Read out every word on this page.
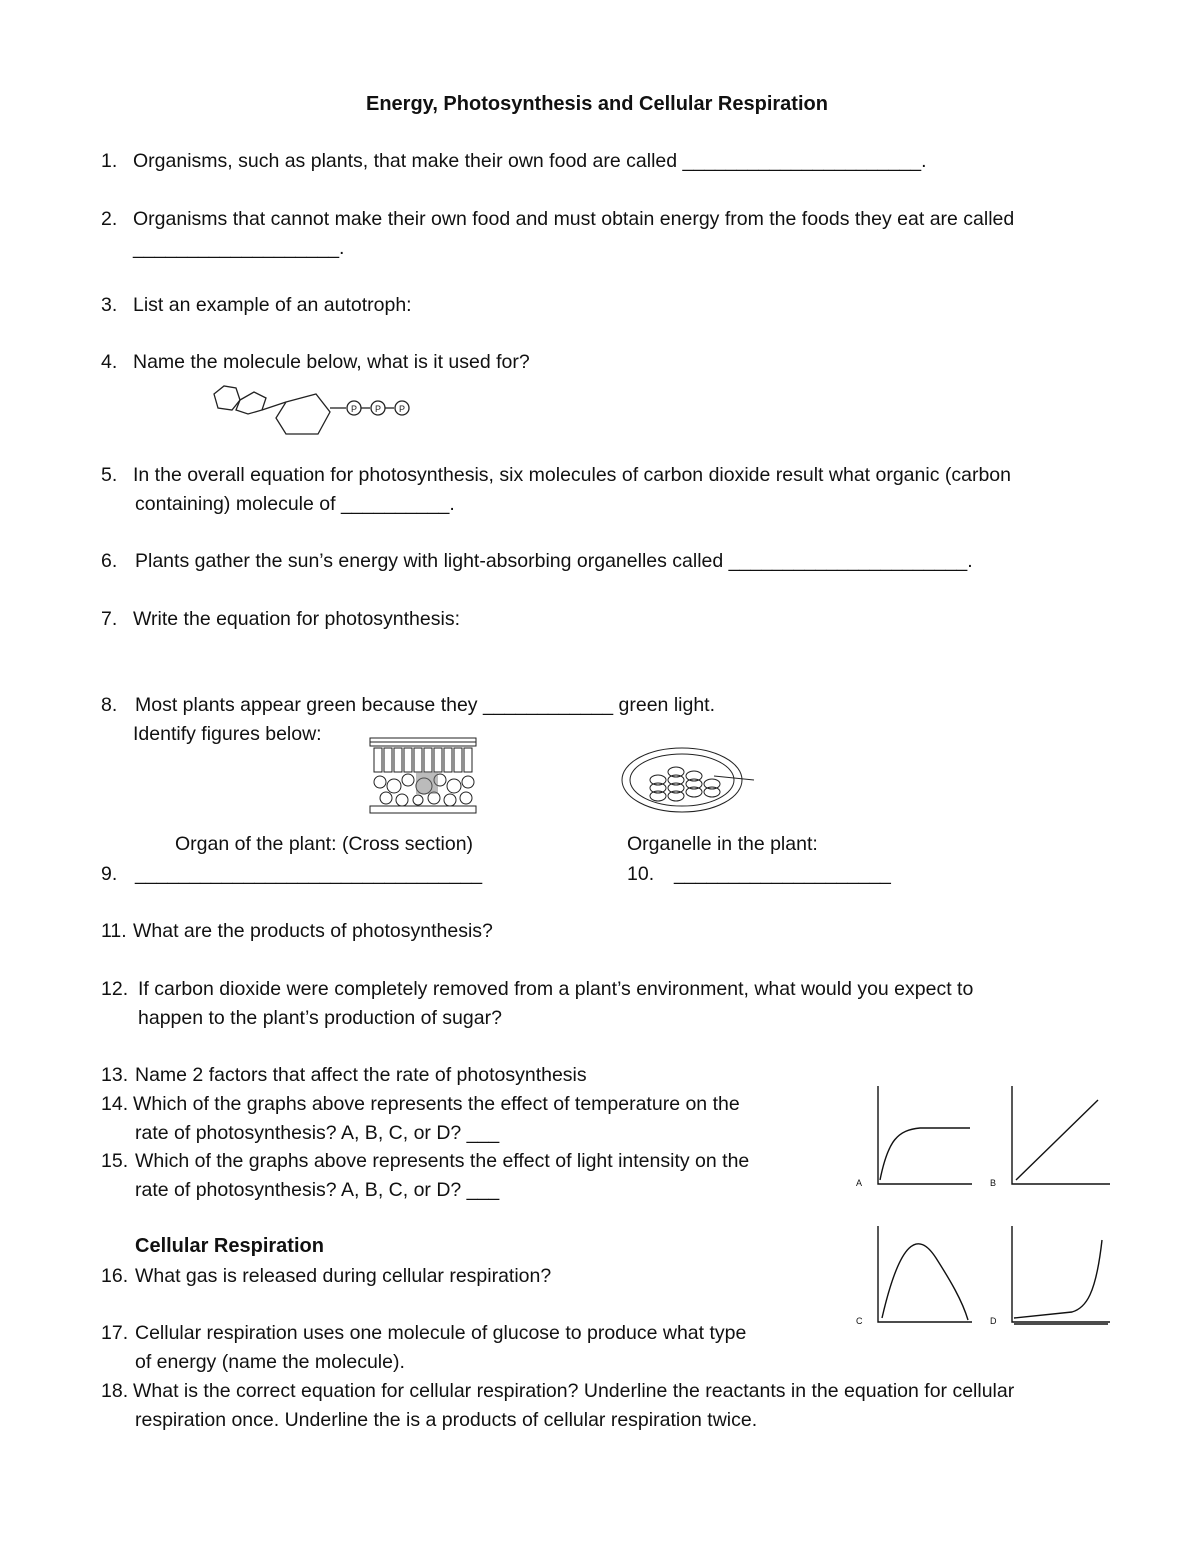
Energy, Photosynthesis and Cellular Respiration
1. Organisms, such as plants, that make their own food are called ______________________.
2. Organisms that cannot make their own food and must obtain energy from the foods they eat are called
___________________.
3. List an example of an autotroph:
4. Name the molecule below, what is it used for?
P P P
5. In the overall equation for photosynthesis, six molecules of carbon dioxide result what organic (carbon
containing) molecule of __________.
6. Plants gather the sun’s energy with light-absorbing organelles called ______________________.
7. Write the equation for photosynthesis:
8. Most plants appear green because they ____________ green light.
Identify figures below:
Organ of the plant: (Cross section)	Organelle in the plant:
9. ________________________________	10. ____________________
11. What are the products of photosynthesis?
12. If carbon dioxide were completely removed from a plant’s environment, what would you expect to
happen to the plant’s production of sugar?
13. Name 2 factors that affect the rate of photosynthesis
14. Which of the graphs above represents the effect of temperature on the
rate of photosynthesis? A, B, C, or D? ___
15. Which of the graphs above represents the effect of light intensity on the
rate of photosynthesis? A, B, C, or D? ___	A	B
C	D
Cellular Respiration
16. What gas is released during cellular respiration?
17. Cellular respiration uses one molecule of glucose to produce what type
of energy (name the molecule).
18. What is the correct equation for cellular respiration? Underline the reactants in the equation for cellular
respiration once. Underline the is a products of cellular respiration twice.
